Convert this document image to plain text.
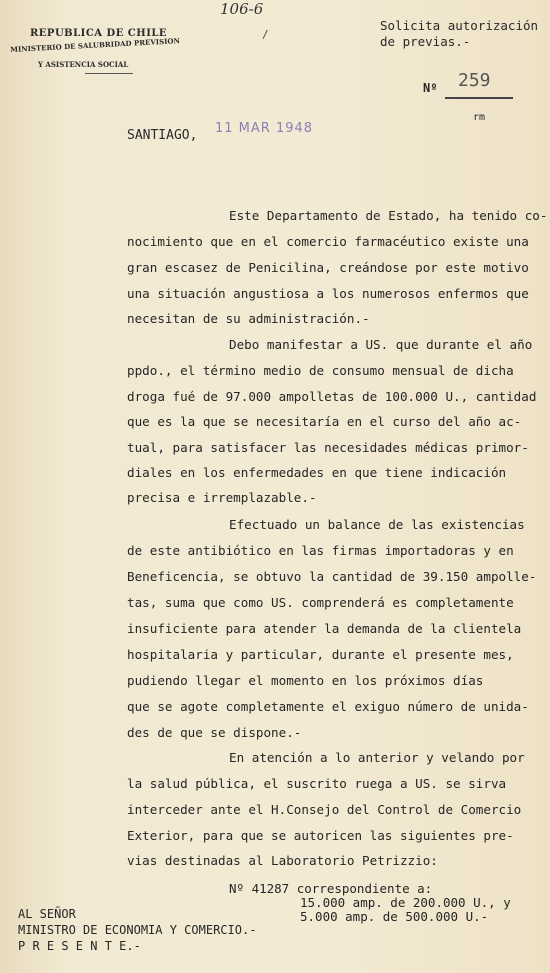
REPUBLICA DE CHILE
MINISTERIO DE SALUBRIDAD PREVISION
Y ASISTENCIA SOCIAL
106-6
/
Solicita autorización
de previas.-
Nº 259
rm
SANTIAGO, 11 MAR 1948
Este Departamento de Estado, ha tenido co-
nocimiento que en el comercio farmacéutico existe una
gran escasez de Penicilina, creándose por este motivo
una situación angustiosa a los numerosos enfermos que
necesitan de su administración.-
Debo manifestar a US. que durante el año
ppdo., el término medio de consumo mensual de dicha
droga fué de 97.000 ampolletas de 100.000 U., cantidad
que es la que se necesitaría en el curso del año ac-
tual, para satisfacer las necesidades médicas primor-
diales en los enfermedades en que tiene indicación
precisa e irremplazable.-
Efectuado un balance de las existencias
de este antibiótico en las firmas importadoras y en
Beneficencia, se obtuvo la cantidad de 39.150 ampolle-
tas, suma que como US. comprenderá es completamente
insuficiente para atender la demanda de la clientela
hospitalaria y particular, durante el presente mes,
pudiendo llegar el momento en los próximos días
que se agote completamente el exiguo número de unida-
des de que se dispone.-
En atención a lo anterior y velando por
la salud pública, el suscrito ruega a US. se sirva
interceder ante el H.Consejo del Control de Comercio
Exterior, para que se autoricen las siguientes pre-
vias destinadas al Laboratorio Petrizzio:
Nº 41287 correspondiente a:
15.000 amp. de 200.000 U., y
5.000 amp. de 500.000 U.-
AL SEÑOR
MINISTRO DE ECONOMIA Y COMERCIO.-
P R E S E N T E.-
